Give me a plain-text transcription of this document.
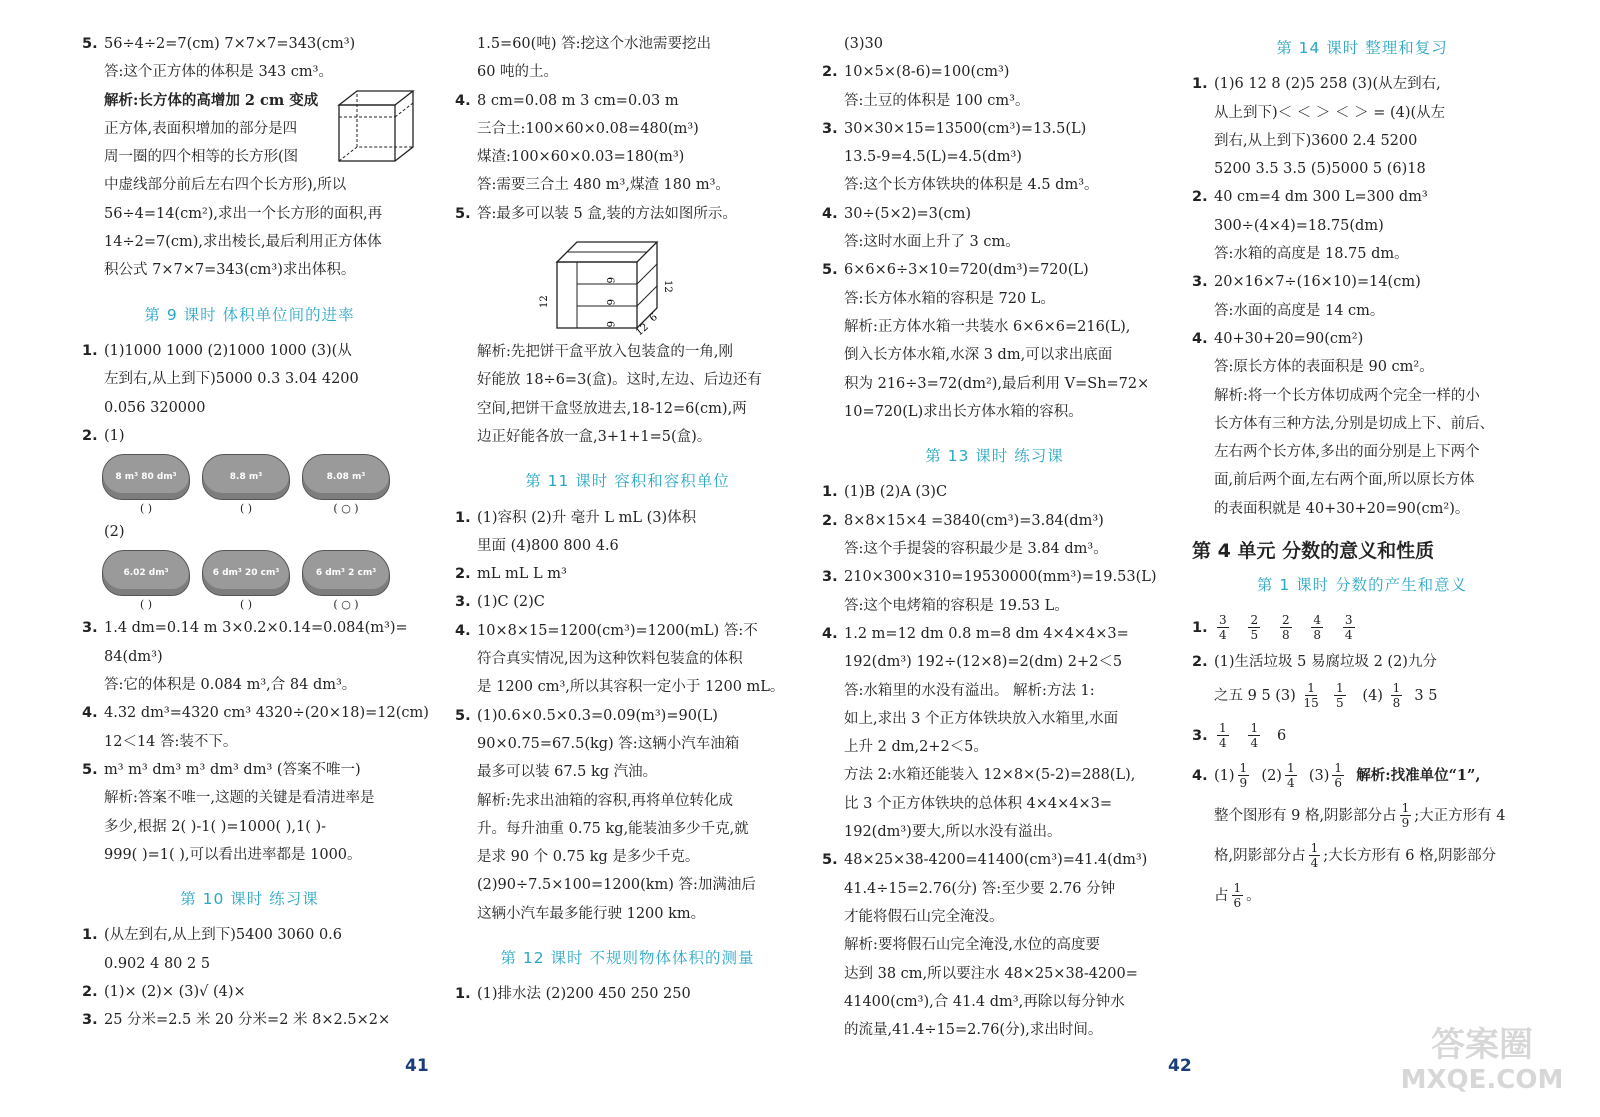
5. 56÷4÷2=7(cm) 7×7×7=343(cm³)
答:这个正方体的体积是 343 cm³。
解析:长方体的高增加 2 cm 变成
正方体,表面积增加的部分是四
周一圈的四个相等的长方形(图
中虚线部分前后左右四个长方形),所以
56÷4=14(cm²),求出一个长方形的面积,再
14÷2=7(cm),求出棱长,最后利用正方体体
积公式 7×7×7=343(cm³)求出体积。
第 9 课时 体积单位间的进率
1. (1)1000 1000 (2)1000 1000 (3)(从
左到右,从上到下)5000 0.3 3.04 4200
0.056 320000
2. (1)
8 m³ 80 dm³
( )
8.8 m³
( )
8.08 m³
( ○ )
(2)
6.02 dm³
( )
6 dm³ 20 cm³
( )
6 dm³ 2 cm³
( ○ )
3. 1.4 dm=0.14 m 3×0.2×0.14=0.084(m³)=
84(dm³)
答:它的体积是 0.084 m³,合 84 dm³。
4. 4.32 dm³=4320 cm³ 4320÷(20×18)=12(cm)
12＜14 答:装不下。
5. m³ m³ dm³ m³ dm³ dm³ (答案不唯一)
解析:答案不唯一,这题的关键是看清进率是
多少,根据 2( )-1( )=1000( ),1( )-
999( )=1( ),可以看出进率都是 1000。
第 10 课时 练习课
1. (从左到右,从上到下)5400 3060 0.6
0.902 4 80 2 5
2. (1)× (2)× (3)√ (4)×
3. 25 分米=2.5 米 20 分米=2 米 8×2.5×2×
1.5=60(吨) 答:挖这个水池需要挖出
60 吨的土。
4. 8 cm=0.08 m 3 cm=0.03 m
三合土:100×60×0.08=480(m³)
煤渣:100×60×0.03=180(m³)
答:需要三合土 480 m³,煤渣 180 m³。
5. 答:最多可以装 5 盒,装的方法如图所示。
12
6
6
6
12
12
6
解析:先把饼干盒平放入包装盒的一角,刚
好能放 18÷6=3(盒)。这时,左边、后边还有
空间,把饼干盒竖放进去,18-12=6(cm),两
边正好能各放一盒,3+1+1=5(盒)。
第 11 课时 容积和容积单位
1. (1)容积 (2)升 毫升 L mL (3)体积
里面 (4)800 800 4.6
2. mL mL L m³
3. (1)C (2)C
4. 10×8×15=1200(cm³)=1200(mL) 答:不
符合真实情况,因为这种饮料包装盒的体积
是 1200 cm³,所以其容积一定小于 1200 mL。
5. (1)0.6×0.5×0.3=0.09(m³)=90(L)
90×0.75=67.5(kg) 答:这辆小汽车油箱
最多可以装 67.5 kg 汽油。
解析:先求出油箱的容积,再将单位转化成
升。每升油重 0.75 kg,能装油多少千克,就
是求 90 个 0.75 kg 是多少千克。
(2)90÷7.5×100=1200(km) 答:加满油后
这辆小汽车最多能行驶 1200 km。
第 12 课时 不规则物体体积的测量
1. (1)排水法 (2)200 450 250 250
(3)30
2. 10×5×(8-6)=100(cm³)
答:土豆的体积是 100 cm³。
3. 30×30×15=13500(cm³)=13.5(L)
13.5-9=4.5(L)=4.5(dm³)
答:这个长方体铁块的体积是 4.5 dm³。
4. 30÷(5×2)=3(cm)
答:这时水面上升了 3 cm。
5. 6×6×6÷3×10=720(dm³)=720(L)
答:长方体水箱的容积是 720 L。
解析:正方体水箱一共装水 6×6×6=216(L),
倒入长方体水箱,水深 3 dm,可以求出底面
积为 216÷3=72(dm²),最后利用 V=Sh=72×
10=720(L)求出长方体水箱的容积。
第 13 课时 练习课
1. (1)B (2)A (3)C
2. 8×8×15×4 =3840(cm³)=3.84(dm³)
答:这个手提袋的容积最少是 3.84 dm³。
3. 210×300×310=19530000(mm³)=19.53(L)
答:这个电烤箱的容积是 19.53 L。
4. 1.2 m=12 dm 0.8 m=8 dm 4×4×4×3=
192(dm³) 192÷(12×8)=2(dm) 2+2＜5
答:水箱里的水没有溢出。 解析:方法 1:
如上,求出 3 个正方体铁块放入水箱里,水面
上升 2 dm,2+2＜5。
方法 2:水箱还能装入 12×8×(5-2)=288(L),
比 3 个正方体铁块的总体积 4×4×4×3=
192(dm³)要大,所以水没有溢出。
5. 48×25×38-4200=41400(cm³)=41.4(dm³)
41.4÷15=2.76(分) 答:至少要 2.76 分钟
才能将假石山完全淹没。
解析:要将假石山完全淹没,水位的高度要
达到 38 cm,所以要注水 48×25×38-4200=
41400(cm³),合 41.4 dm³,再除以每分钟水
的流量,41.4÷15=2.76(分),求出时间。
第 14 课时 整理和复习
1. (1)6 12 8 (2)5 258 (3)(从左到右,
从上到下)＜ ＜ ＞ ＜ ＞ = (4)(从左
到右,从上到下)3600 2.4 5200
5200 3.5 3.5 (5)5000 5 (6)18
2. 40 cm=4 dm 300 L=300 dm³
300÷(4×4)=18.75(dm)
答:水箱的高度是 18.75 dm。
3. 20×16×7÷(16×10)=14(cm)
答:水面的高度是 14 cm。
4. 40+30+20=90(cm²)
答:原长方体的表面积是 90 cm²。
解析:将一个长方体切成两个完全一样的小
长方体有三种方法,分别是切成上下、前后、
左右两个长方体,多出的面分别是上下两个
面,前后两个面,左右两个面,所以原长方体
的表面积就是 40+30+20=90(cm²)。
第 4 单元 分数的意义和性质
第 1 课时 分数的产生和意义
1. $\frac{3}{4}$
$\frac{2}{5}$
$\frac{2}{8}$
$\frac{4}{8}$
$\frac{3}{4}$
2. (1)生活垃圾 5 易腐垃圾 2 (2)九分
之五 9 5 $(3) \frac{1}{15}$
$\frac{1}{5} (4) \frac{1}{8} 3$ 5
3. $\frac{1}{4}$
$\frac{1}{4} 6$
4. $(1) \frac{1}{9} (2) \frac{1}{4} (3) \frac{1}{6}$ 解析:找准单位“1”,
整个图形有 9 格,阴影部分占 $\frac{1}{9}$ ;大正方形有 4
格,阴影部分占 $\frac{1}{4}$ ;大长方形有 6 格,阴影部分
占 $\frac{1}{6}$ 。
41	42
答案圈
MXQE.COM
